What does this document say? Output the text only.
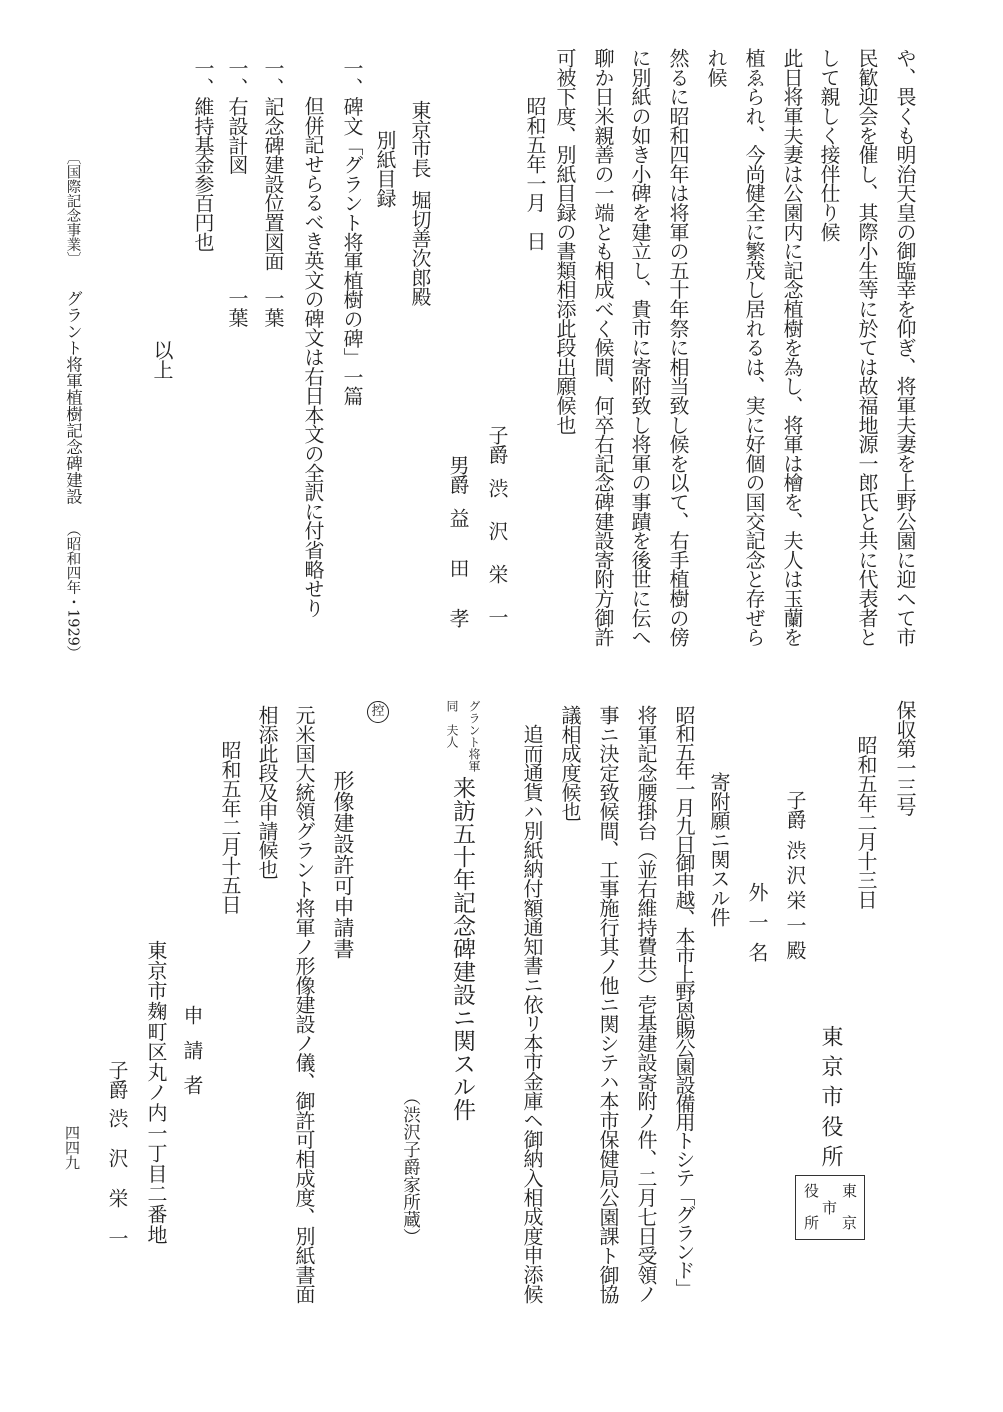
〔国際記念事業〕
グラント将軍植樹記念碑建設
（昭和四年・1929）
四四九
や、畏くも明治天皇の御臨幸を仰ぎ、将軍夫妻を上野公園に迎へて市
民歓迎会を催し、其際小生等に於ては故福地源一郎氏と共に代表者と
して親しく接伴仕り候
此日将軍夫妻は公園内に記念植樹を為し、将軍は檜を、夫人は玉蘭を
植ゑられ、今尚健全に繁茂し居れるは、実に好個の国交記念と存ぜら
れ候
然るに昭和四年は将軍の五十年祭に相当致し候を以て、右手植樹の傍
に別紙の如き小碑を建立し、貴市に寄附致し将軍の事蹟を後世に伝へ
聊か日米親善の一端とも相成べく候間、何卒右記念碑建設寄附方御許
可被下度、別紙目録の書類相添此段出願候也
昭和五年一月　日
子爵
渋沢栄一
男爵
益田孝
東京市長
堀切善次郎殿
別紙目録
一、碑文「グラント将軍植樹の碑」一篇
但併記せらるべき英文の碑文は右日本文の全訳に付省略せり
一、記念碑建設位置図面
一葉
一、右設計図
一葉
一、維持基金参百円也
以上
保収第一三号
昭和五年二月十三日
東京市役所
東京
市
役所
子爵
渋沢栄一
殿
外一名
寄附願ニ関スル件
昭和五年一月九日御申越、本市上野恩賜公園設備用トシテ「グランド」
将軍記念腰掛台（並右維持費共）壱基建設寄附ノ件、二月七日受領ノ
事ニ決定致候間、工事施行其ノ他ニ関シテハ本市保健局公園課ト御協
議相成度候也
追而通貨ハ別紙納付額通知書ニ依リ本市金庫ヘ御納入相成度申添候
グラント将軍
同　夫人
来訪五十年記念碑建設ニ関スル件
（渋沢子爵家所蔵）
控
形像建設許可申請書
元米国大統領グラント将軍ノ形像建設ノ儀、御許可相成度、別紙書面
相添此段及申請候也
昭和五年二月十五日
申請者
東京市麹町区丸ノ内一丁目二番地
子爵
渋沢栄一
